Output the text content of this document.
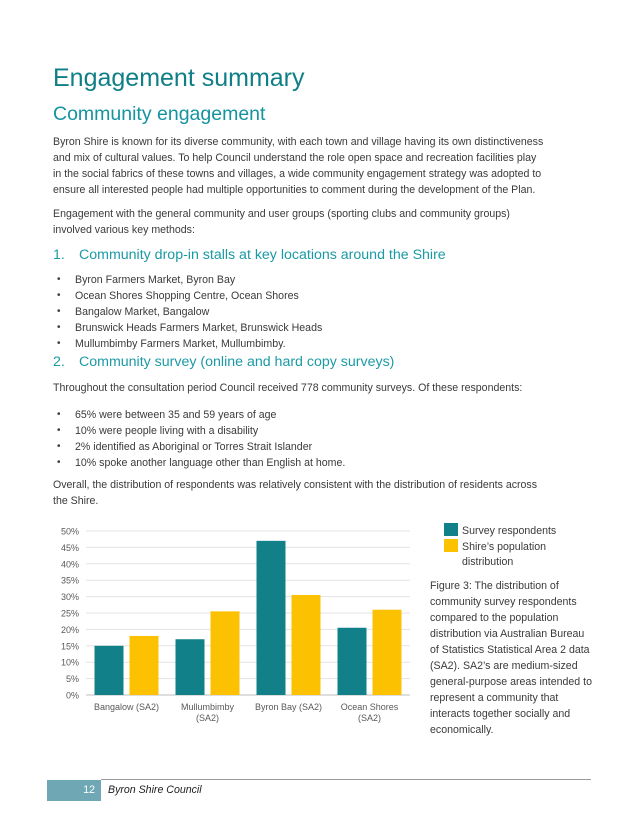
Engagement summary
Community engagement
Byron Shire is known for its diverse community, with each town and village having its own distinctiveness
and mix of cultural values. To help Council understand the role open space and recreation facilities play
in the social fabrics of these towns and villages, a wide community engagement strategy was adopted to
ensure all interested people had multiple opportunities to comment during the development of the Plan.
Engagement with the general community and user groups (sporting clubs and community groups)
involved various key methods:
1. Community drop-in stalls at key locations around the Shire
• Byron Farmers Market, Byron Bay
• Ocean Shores Shopping Centre, Ocean Shores
• Bangalow Market, Bangalow
• Brunswick Heads Farmers Market, Brunswick Heads
• Mullumbimby Farmers Market, Mullumbimby.
2. Community survey (online and hard copy surveys)
Throughout the consultation period Council received 778 community surveys. Of these respondents:
• 65% were between 35 and 59 years of age
• 10% were people living with a disability
• 2% identified as Aboriginal or Torres Strait Islander
• 10% spoke another language other than English at home.
Overall, the distribution of respondents was relatively consistent with the distribution of residents across
the Shire.
0%
5%
10%
15%
20%
25%
30%
35%
40%
45%
50%
Bangalow (SA2) Mullumbimby
(SA2)
Byron Bay (SA2) Ocean Shores
(SA2)
Survey respondents
Shire’s population
distribution
Figure 3: The distribution of
community survey respondents
compared to the population
distribution via Australian Bureau
of Statistics Statistical Area 2 data
(SA2). SA2’s are medium-sized
general-purpose areas intended to
represent a community that
interacts together socially and
economically.
12	Byron Shire Council
